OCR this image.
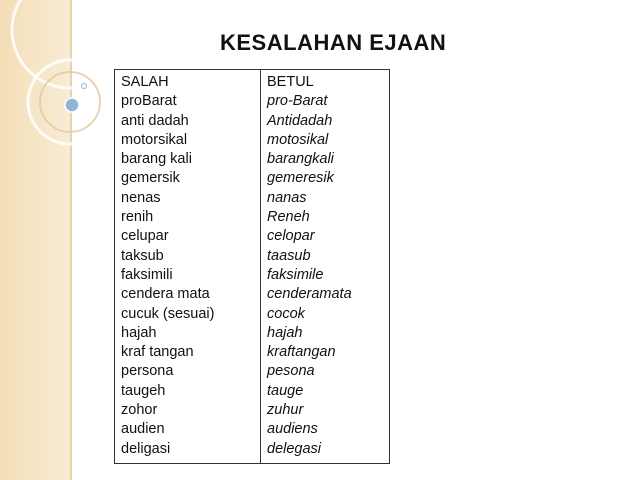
KESALAHAN EJAAN
SALAH
proBarat
anti dadah
motorsikal
barang kali
gemersik
nenas
renih
celupar
taksub
faksimili
cendera mata
cucuk (sesuai)
hajah
kraf tangan
persona
taugeh
zohor
audien
deligasi
BETUL
pro-Barat
Antidadah
motosikal
barangkali
gemeresik
nanas
Reneh
celopar
taasub
faksimile
cenderamata
cocok
hajah
kraftangan
pesona
tauge
zuhur
audiens
delegasi
